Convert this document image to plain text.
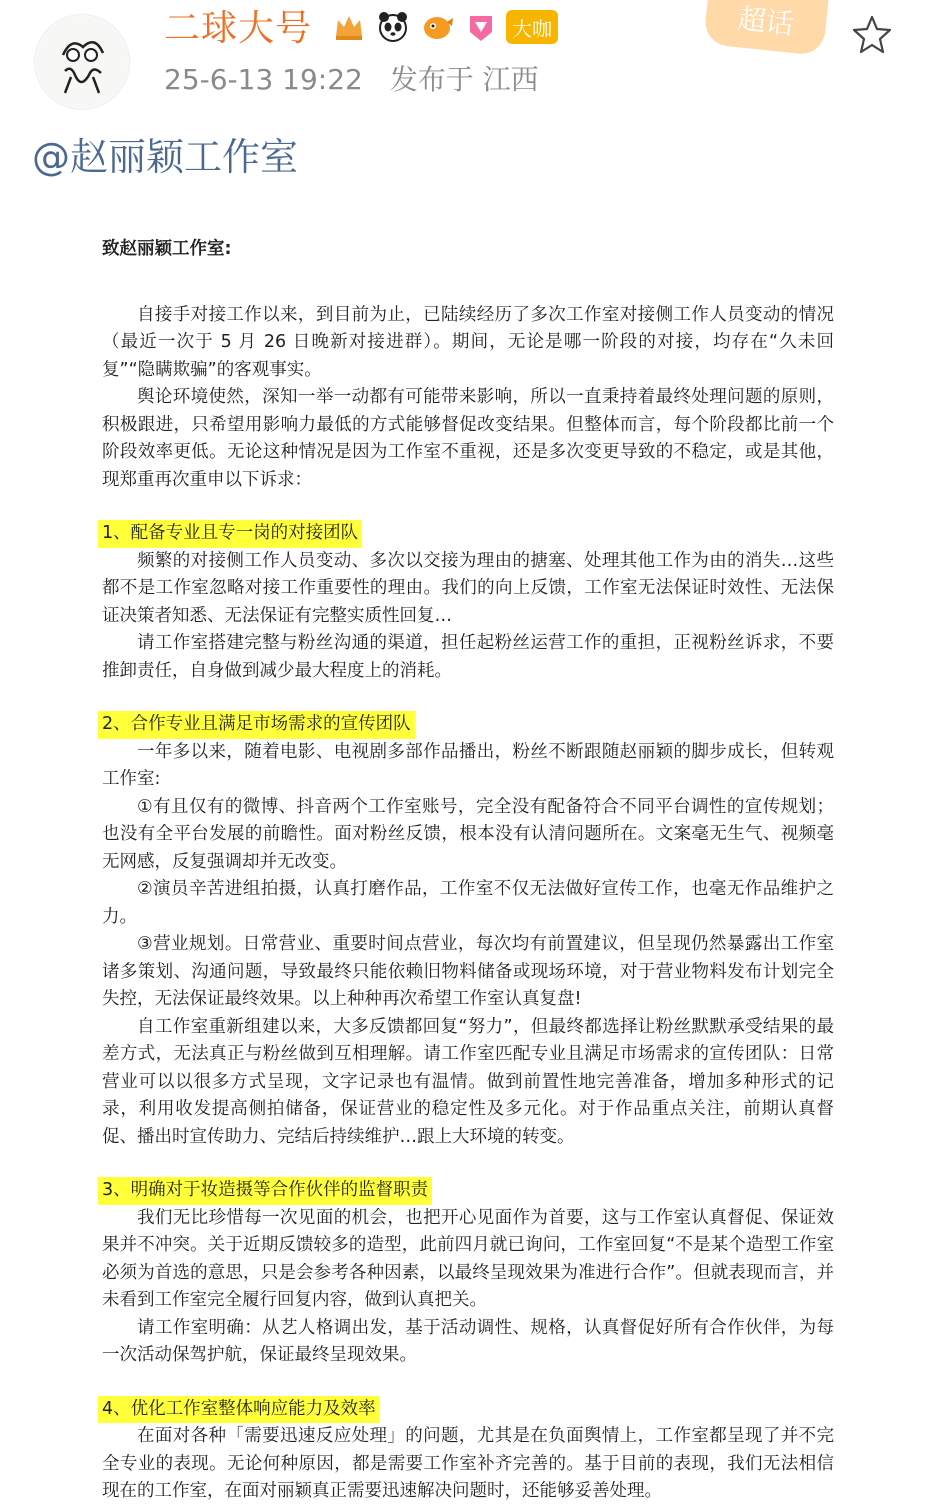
二球大号	大咖
25-6-13 19:22 发布于 江西
超话
@赵丽颖工作室

致赵丽颖工作室:

自接手对接工作以来，到目前为止，已陆续经历了多次工作室对接侧工作人员变动的情况（最近一次于 5 月 26 日晚新对接进群）。期间，无论是哪一阶段的对接，均存在“久未回复”“隐瞒欺骗”的客观事实。

舆论环境使然，深知一举一动都有可能带来影响，所以一直秉持着最终处理问题的原则，积极跟进，只希望用影响力最低的方式能够督促改变结果。但整体而言，每个阶段都比前一个阶段效率更低。无论这种情况是因为工作室不重视，还是多次变更导致的不稳定，或是其他，现郑重再次重申以下诉求：

1、配备专业且专一岗的对接团队

频繁的对接侧工作人员变动、多次以交接为理由的搪塞、处理其他工作为由的消失…这些都不是工作室忽略对接工作重要性的理由。我们的向上反馈，工作室无法保证时效性、无法保证决策者知悉、无法保证有完整实质性回复…

请工作室搭建完整与粉丝沟通的渠道，担任起粉丝运营工作的重担，正视粉丝诉求，不要推卸责任，自身做到减少最大程度上的消耗。

2、合作专业且满足市场需求的宣传团队

一年多以来，随着电影、电视剧多部作品播出，粉丝不断跟随赵丽颖的脚步成长，但转观工作室:

①有且仅有的微博、抖音两个工作室账号，完全没有配备符合不同平台调性的宣传规划；也没有全平台发展的前瞻性。面对粉丝反馈，根本没有认清问题所在。文案毫无生气、视频毫无网感，反复强调却并无改变。

②演员辛苦进组拍摄，认真打磨作品，工作室不仅无法做好宣传工作，也毫无作品维护之力。

③营业规划。日常营业、重要时间点营业，每次均有前置建议，但呈现仍然暴露出工作室诸多策划、沟通问题，导致最终只能依赖旧物料储备或现场环境，对于营业物料发布计划完全失控，无法保证最终效果。以上种种再次希望工作室认真复盘!

自工作室重新组建以来，大多反馈都回复“努力”，但最终都选择让粉丝默默承受结果的最差方式，无法真正与粉丝做到互相理解。请工作室匹配专业且满足市场需求的宣传团队：日常营业可以以很多方式呈现，文字记录也有温情。做到前置性地完善准备，增加多种形式的记录，利用收发提高侧拍储备，保证营业的稳定性及多元化。对于作品重点关注，前期认真督促、播出时宣传助力、完结后持续维护…跟上大环境的转变。

3、明确对于妆造摄等合作伙伴的监督职责

我们无比珍惜每一次见面的机会，也把开心见面作为首要，这与工作室认真督促、保证效果并不冲突。关于近期反馈较多的造型，此前四月就已询问，工作室回复“不是某个造型工作室必须为首选的意思，只是会参考各种因素，以最终呈现效果为准进行合作”。但就表现而言，并未看到工作室完全履行回复内容，做到认真把关。

请工作室明确：从艺人格调出发，基于活动调性、规格，认真督促好所有合作伙伴，为每一次活动保驾护航，保证最终呈现效果。

4、优化工作室整体响应能力及效率

在面对各种「需要迅速反应处理」的问题，尤其是在负面舆情上，工作室都呈现了并不完全专业的表现。无论何种原因，都是需要工作室补齐完善的。基于目前的表现，我们无法相信现在的工作室，在面对丽颖真正需要迅速解决问题时，还能够妥善处理。
